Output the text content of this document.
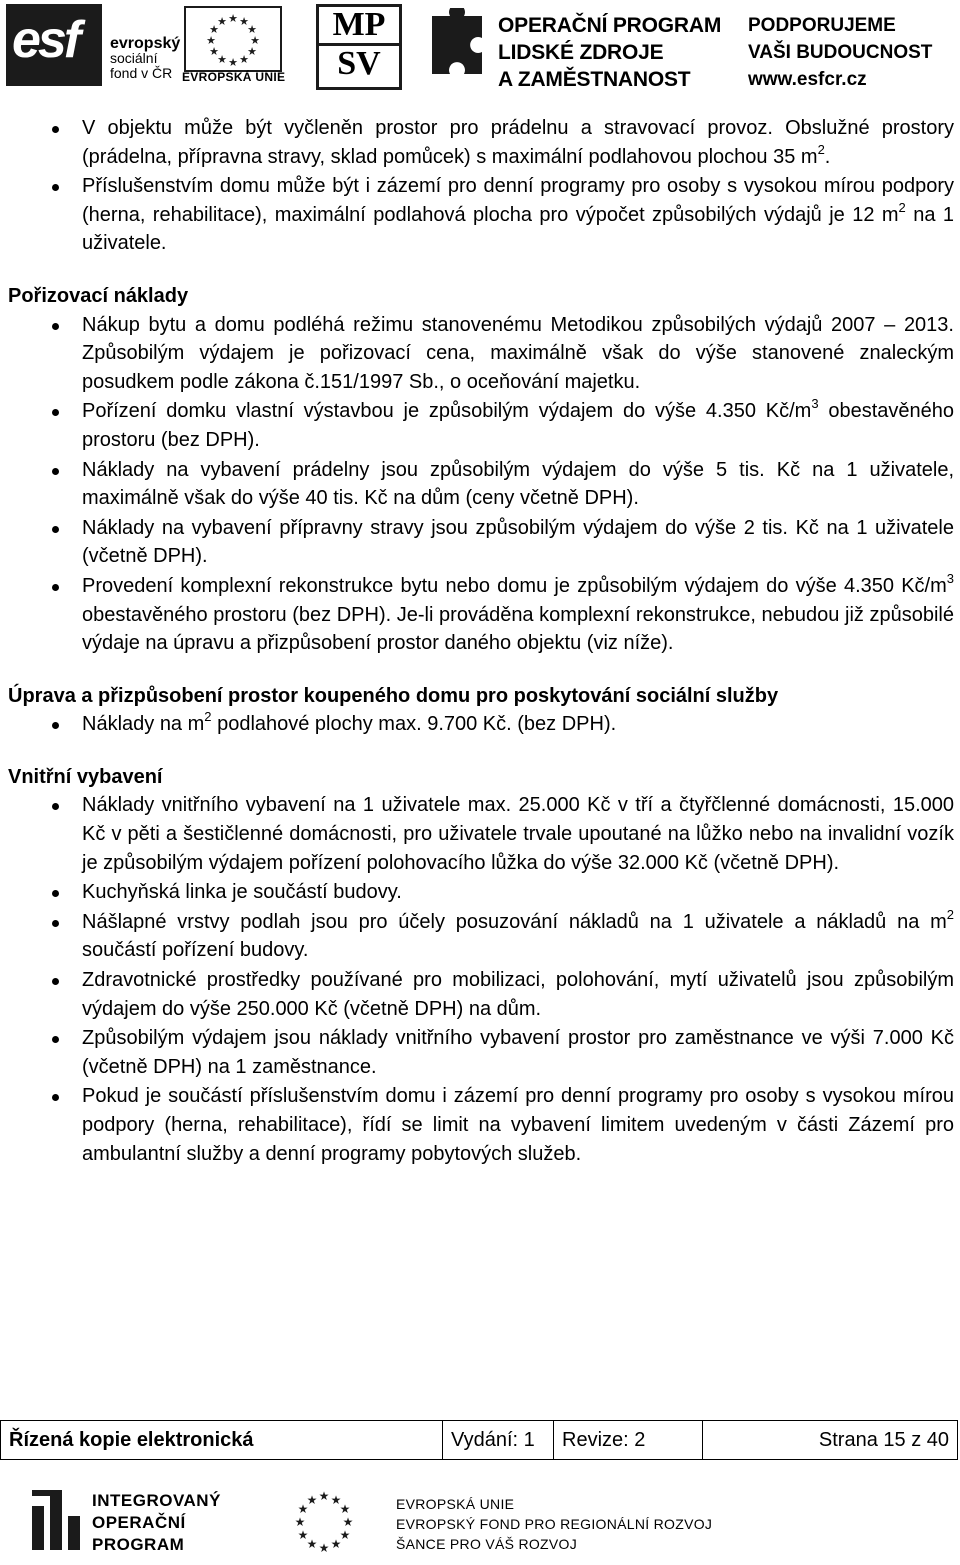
esf evropský
sociální
fond v ČR
★ ★
★
★
★
★
★
★
★
★
★
★
EVROPSKÁ UNIE
MP
SV
OPERAČNÍ PROGRAM
LIDSKÉ ZDROJE
A ZAMĚSTNANOST
PODPORUJEME
VAŠI BUDOUCNOST
www.esfcr.cz
V objektu může být vyčleněn prostor pro prádelnu a stravovací provoz. Obslužné prostory (prádelna, přípravna stravy, sklad pomůcek) s maximální podlahovou plochou 35 $m^2$.
Příslušenstvím domu může být i zázemí pro denní programy pro osoby s vysokou mírou podpory (herna, rehabilitace), maximální podlahová plocha pro výpočet způsobilých výdajů je 12 $m^2$ na 1 uživatele.
Pořizovací náklady
Nákup bytu a domu podléhá režimu stanovenému Metodikou způsobilých výdajů 2007 – 2013. Způsobilým výdajem je pořizovací cena, maximálně však do výše stanovené znaleckým posudkem podle zákona č.151/1997 Sb., o oceňování majetku.
Pořízení domku vlastní výstavbou je způsobilým výdajem do výše 4.350 $Kč/m^3$ obestavěného prostoru (bez DPH).
Náklady na vybavení prádelny jsou způsobilým výdajem do výše 5 tis. Kč na 1 uživatele, maximálně však do výše 40 tis. Kč na dům (ceny včetně DPH).
Náklady na vybavení přípravny stravy jsou způsobilým výdajem do výše 2 tis. Kč na 1 uživatele (včetně DPH).
Provedení komplexní rekonstrukce bytu nebo domu je způsobilým výdajem do výše 4.350 $Kč/m^3$ obestavěného prostoru (bez DPH). Je-li prováděna komplexní rekonstrukce, nebudou již způsobilé výdaje na úpravu a přizpůsobení prostor daného objektu (viz níže).
Úprava a přizpůsobení prostor koupeného domu pro poskytování sociální služby
Náklady na $m^2$ podlahové plochy max. 9.700 Kč. (bez DPH).
Vnitřní vybavení
Náklady vnitřního vybavení na 1 uživatele max. 25.000 Kč v tří a čtyřčlenné domácnosti, 15.000 Kč v pěti a šestičlenné domácnosti, pro uživatele trvale upoutané na lůžko nebo na invalidní vozík je způsobilým výdajem pořízení polohovacího lůžka do výše 32.000 Kč (včetně DPH).
Kuchyňská linka je součástí budovy.
Nášlapné vrstvy podlah jsou pro účely posuzování nákladů na 1 uživatele a nákladů na $m^2$ součástí pořízení budovy.
Zdravotnické prostředky používané pro mobilizaci, polohování, mytí uživatelů jsou způsobilým výdajem do výše 250.000 Kč (včetně DPH) na dům.
Způsobilým výdajem jsou náklady vnitřního vybavení prostor pro zaměstnance ve výši 7.000 Kč (včetně DPH) na 1 zaměstnance.
Pokud je součástí příslušenstvím domu i zázemí pro denní programy pro osoby s vysokou mírou podpory (herna, rehabilitace), řídí se limit na vybavení limitem uvedeným v části Zázemí pro ambulantní služby a denní programy pobytových služeb.
Řízená kopie elektronická	Vydání: 1	Revize: 2	Strana 15 z 40
INTEGROVANÝ
OPERAČNÍ
PROGRAM
★ ★
★
★
★
★
★
★
★
★
★
★	EVROPSKÁ UNIE
EVROPSKÝ FOND PRO REGIONÁLNÍ ROZVOJ
ŠANCE PRO VÁŠ ROZVOJ
